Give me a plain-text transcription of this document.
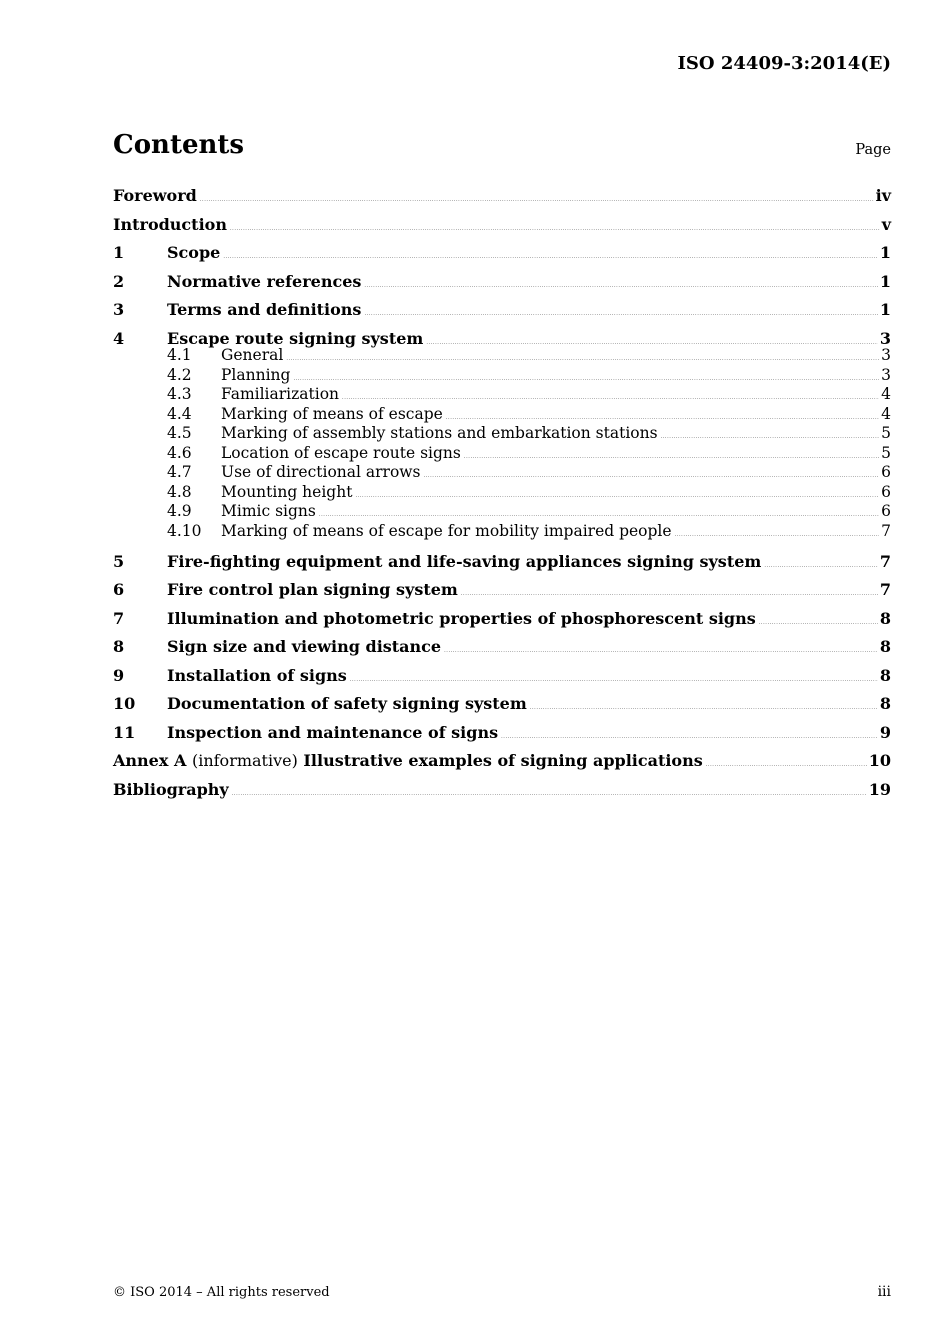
ISO 24409-3:2014(E)
Contents	Page
Foreword .....	iv
Introduction .....	v
1	Scope .....	1
2	Normative references .....	1
3	Terms and definitions .....	1
4	Escape route signing system .....	3
4.1	General .....	3
4.2	Planning .....	3
4.3	Familiarization .....	4
4.4	Marking of means of escape .....	4
4.5	Marking of assembly stations and embarkation stations .....	5
4.6	Location of escape route signs .....	5
4.7	Use of directional arrows .....	6
4.8	Mounting height .....	6
4.9	Mimic signs .....	6
4.10	Marking of means of escape for mobility impaired people .....	7
5	Fire-fighting equipment and life-saving appliances signing system .....	7
6	Fire control plan signing system .....	7
7	Illumination and photometric properties of phosphorescent signs .....	8
8	Sign size and viewing distance .....	8
9	Installation of signs .....	8
10	Documentation of safety signing system .....	8
11	Inspection and maintenance of signs .....	9
Annex A (informative) Illustrative examples of signing applications .....	10
Bibliography .....	19
© ISO 2014 – All rights reserved	iii
